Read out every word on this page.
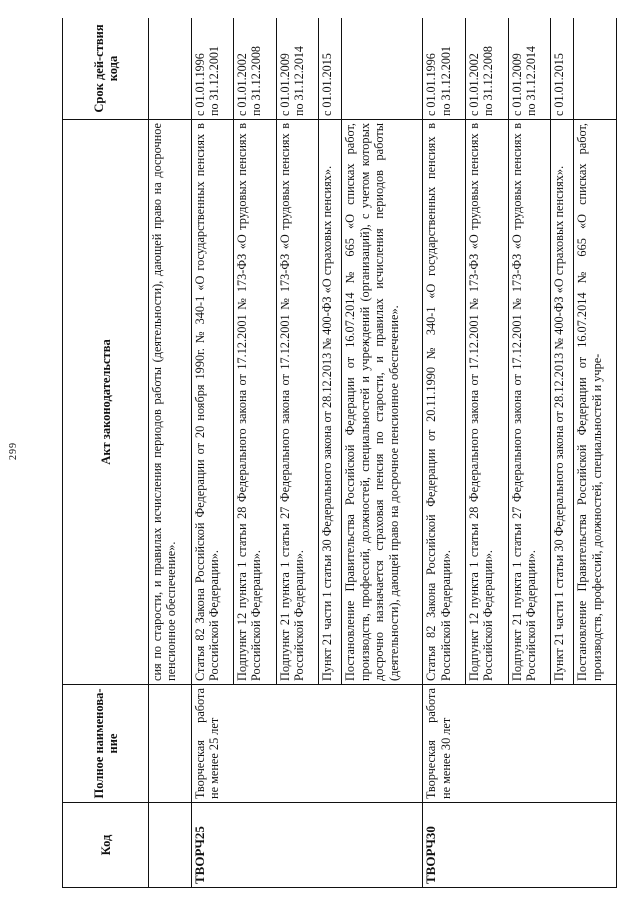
299
Код	Полное наименова-ние	Акт законодательства	Срок дей-ствия кода
		сия по старости, и правилах исчисления периодов работы (деятельности), дающей право на досрочное пенсионное обеспечение».	
ТВОРЧ25	Творческая работа не менее 25 лет	Статья 82 Закона Российской Федерации от 20 ноября 1990г. № 340-1 «О государственных пенсиях в Российской Федерации».	с 01.01.1996
по 31.12.2001
		Подпункт 12 пункта 1 статьи 28 Федерального закона от 17.12.2001 № 173-ФЗ «О трудовых пенсиях в Российской Федерации».	с 01.01.2002
по 31.12.2008
		Подпункт 21 пункта 1 статьи 27 Федерального закона от 17.12.2001 № 173-ФЗ «О трудовых пенсиях в Российской Федерации».	с 01.01.2009
по 31.12.2014
		Пункт 21 части 1 статьи 30 Федерального закона от 28.12.2013 № 400-ФЗ «О страховых пенсиях».	с 01.01.2015
		Постановление Правительства Российской Федерации от 16.07.2014 № 665 «О списках работ, производств, профессий, должностей, специальностей и учреждений (организаций), с учетом которых досрочно назначается страховая пенсия по старости, и правилах исчисления периодов работы (деятельности), дающей право на досрочное пенсионное обеспечение».	
ТВОРЧ30	Творческая работа не менее 30 лет	Статья 82 Закона Российской Федерации от 20.11.1990 № 340-1 «О государственных пенсиях в Российской Федерации».	с 01.01.1996
по 31.12.2001
		Подпункт 12 пункта 1 статьи 28 Федерального закона от 17.12.2001 № 173-ФЗ «О трудовых пенсиях в Российской Федерации».	с 01.01.2002
по 31.12.2008
		Подпункт 21 пункта 1 статьи 27 Федерального закона от 17.12.2001 № 173-ФЗ «О трудовых пенсиях в Российской Федерации».	с 01.01.2009
по 31.12.2014
		Пункт 21 части 1 статьи 30 Федерального закона от 28.12.2013 № 400-ФЗ «О страховых пенсиях».	с 01.01.2015
		Постановление Правительства Российской Федерации от 16.07.2014 № 665 «О списках работ, производств, профессий, должностей, специальностей и учре-	
